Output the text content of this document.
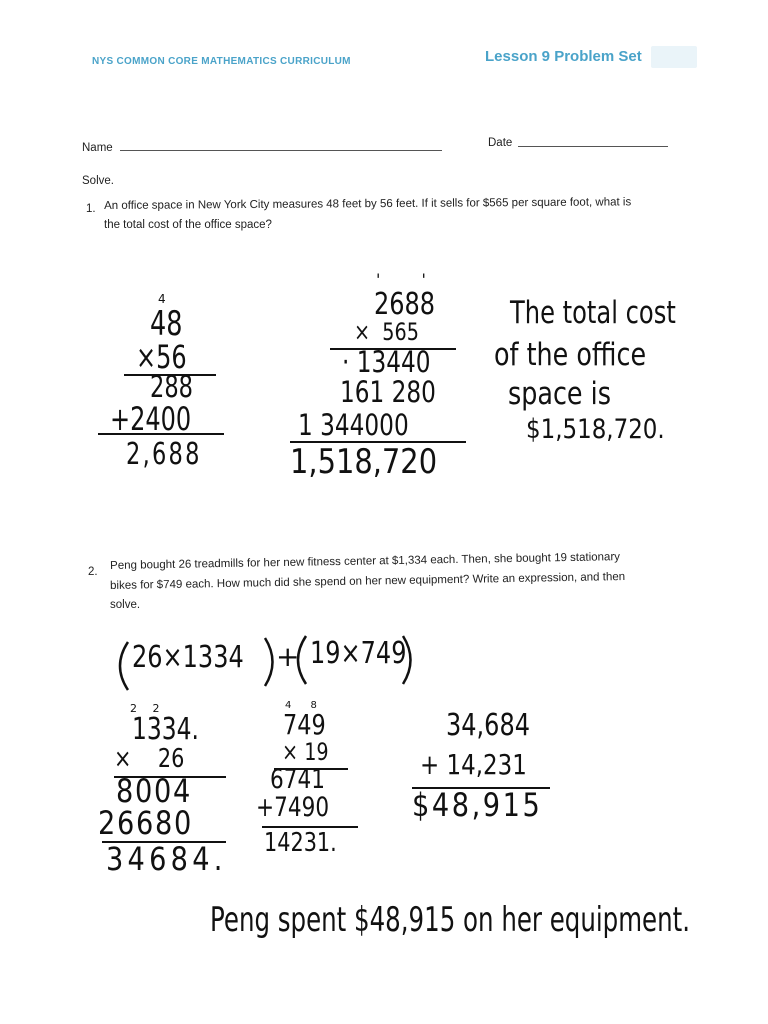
NYS COMMON CORE MATHEMATICS CURRICULUM	Lesson 9 Problem Set
Name	Date
Solve.
1. An office space in New York City measures 48 feet by 56 feet. If it sells for $565 per square foot, what is
the total cost of the office space?
4
48
×56
288
+2400
2,688
' '
2688
×  565
· 13440
161 280
1 344000
1,518,720
The total cost
of the office
space is
$1,518,720.
2.
Peng bought 26 treadmills for her new fitness center at $1,334 each. Then, she bought 19 stationary
bikes for $749 each. How much did she spend on her new equipment? Write an expression, and then
solve.
26×1334 + 19×749
2 2
1334.
×    26
8004
26680
34684.
4 8
749
× 19
6741
+7490
14231.
34,684
+ 14,231
$48,915
Peng spent $48,915 on her equipment.
